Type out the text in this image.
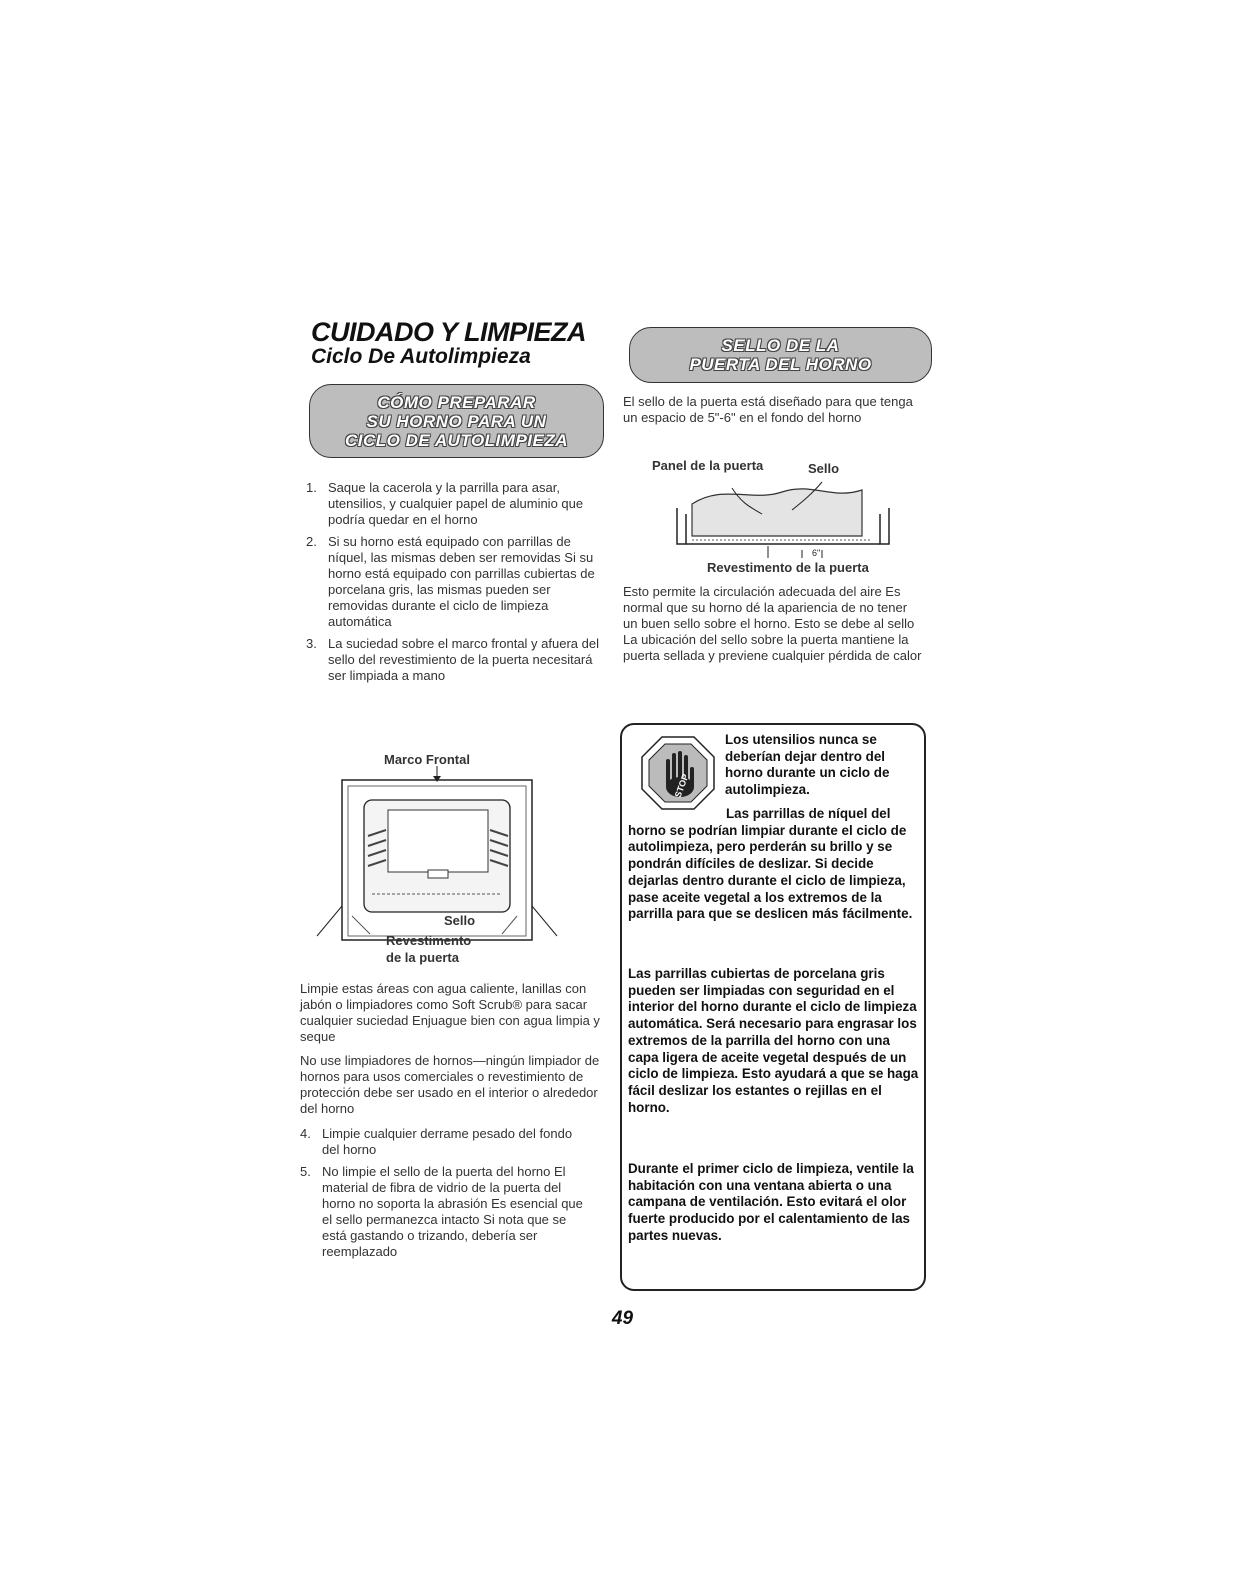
CUIDADO Y LIMPIEZA
Ciclo De Autolimpieza
CÓMO PREPARAR
SU HORNO PARA UN
CICLO DE AUTOLIMPIEZA
1. Saque la cacerola y la parrilla para asar, utensilios, y cualquier papel de aluminio que podría quedar en el horno
2. Si su horno está equipado con parrillas de níquel, las mismas deben ser removidas Si su horno está equipado con parrillas cubiertas de porcelana gris, las mismas pueden ser removidas durante el ciclo de limpieza automática
3. La suciedad sobre el marco frontal y afuera del sello del revestimiento de la puerta necesitará ser limpiada a mano
Marco Frontal
Sello
Revestimento
de la puerta
Limpie estas áreas con agua caliente, lanillas con jabón o limpiadores como Soft Scrub® para sacar cualquier suciedad Enjuague bien con agua limpia y seque
No use limpiadores de hornos—ningún limpiador de hornos para usos comerciales o revestimiento de protección debe ser usado en el interior o alrededor del horno
4. Limpie cualquier derrame pesado del fondo del horno
5. No limpie el sello de la puerta del horno El material de fibra de vidrio de la puerta del horno no soporta la abrasión Es esencial que el sello permanezca intacto Si nota que se está gastando o trizando, debería ser reemplazado
SELLO DE LA
PUERTA DEL HORNO
El sello de la puerta está diseñado para que tenga un espacio de 5"-6" en el fondo del horno
Panel de la puerta	Sello
6"
Revestimento de la puerta
Esto permite la circulación adecuada del aire Es normal que su horno dé la apariencia de no tener un buen sello sobre el horno. Esto se debe al sello La ubicación del sello sobre la puerta mantiene la puerta sellada y previene cualquier pérdida de calor
STOP
Los utensilios nunca se deberían dejar dentro del horno durante un ciclo de autolimpieza.
Las parrillas de níquel del horno se podrían limpiar durante el ciclo de autolimpieza, pero perderán su brillo y se pondrán difíciles de deslizar. Si decide dejarlas dentro durante el ciclo de limpieza, pase aceite vegetal a los extremos de la parrilla para que se deslicen más fácilmente.
Las parrillas cubiertas de porcelana gris pueden ser limpiadas con seguridad en el interior del horno durante el ciclo de limpieza automática. Será necesario para engrasar los extremos de la parrilla del horno con una capa ligera de aceite vegetal después de un ciclo de limpieza. Esto ayudará a que se haga fácil deslizar los estantes o rejillas en el horno.
Durante el primer ciclo de limpieza, ventile la habitación con una ventana abierta o una campana de ventilación. Esto evitará el olor fuerte producido por el calentamiento de las partes nuevas.
49
